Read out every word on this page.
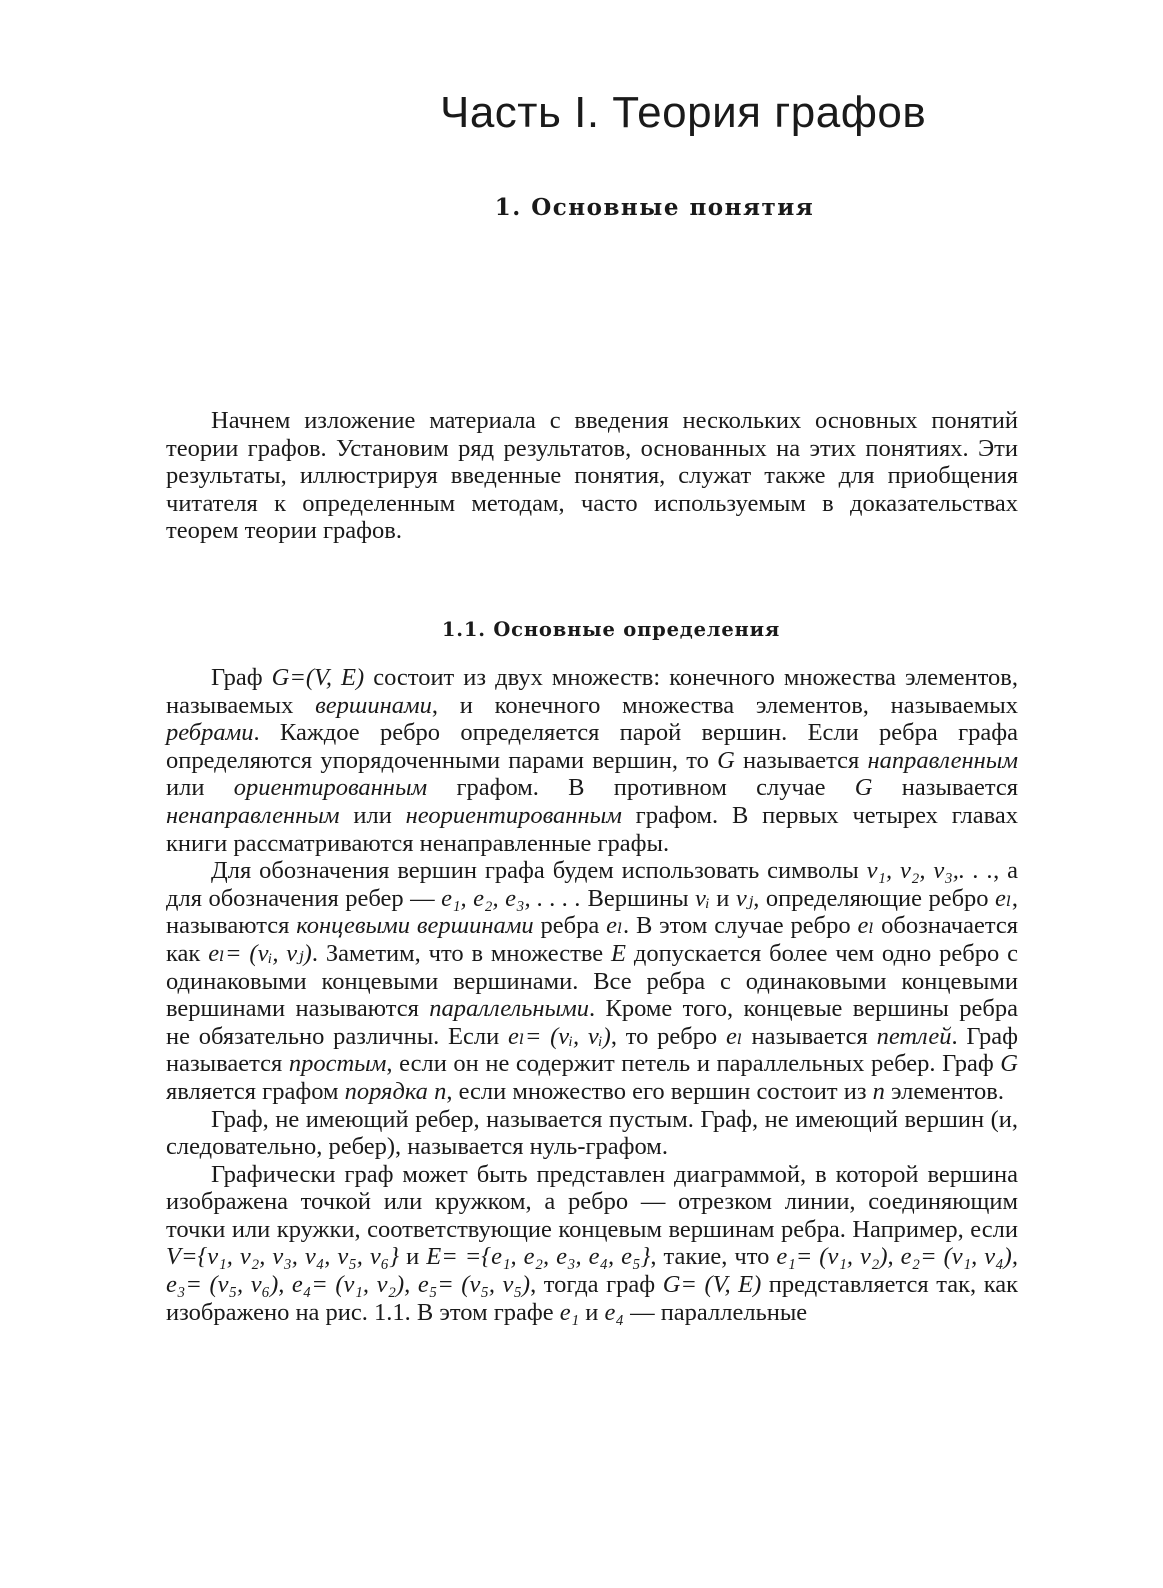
Часть I. Теория графов
1. Основные понятия

Начнем изложение материала с введения нескольких основных понятий теории графов. Установим ряд результатов, основанных на этих понятиях. Эти результаты, иллюстрируя введенные понятия, служат также для приобщения читателя к определенным методам, часто используемым в доказательствах теорем теории графов.

1.1. Основные определения

Граф G=(V, E) состоит из двух множеств: конечного множества элементов, называемых вершинами, и конечного множества элементов, называемых ребрами. Каждое ребро определяется парой вершин. Если ребра графа определяются упорядоченными парами вершин, то G называется направленным или ориентированным графом. В противном случае G называется ненаправленным или неориентированным графом. В первых четырех главах книги рассматриваются ненаправленные графы.

Для обозначения вершин графа будем использовать символы v₁, v₂, v₃,. . ., а для обозначения ребер — e₁, e₂, e₃, . . . . Вершины vᵢ и vⱼ, определяющие ребро eₗ, называются концевыми вершинами ребра eₗ. В этом случае ребро eₗ обозначается как eₗ= (vᵢ, vⱼ). Заметим, что в множестве E допускается более чем одно ребро с одинаковыми концевыми вершинами. Все ребра с одинаковыми концевыми вершинами называются параллельными. Кроме того, концевые вершины ребра не обязательно различны. Если eₗ= (vᵢ, vᵢ), то ребро eₗ называется петлей. Граф называется простым, если он не содержит петель и параллельных ребер. Граф G является графом порядка n, если множество его вершин состоит из n элементов.

Граф, не имеющий ребер, называется пустым. Граф, не имеющий вершин (и, следовательно, ребер), называется нуль-графом.

Графически граф может быть представлен диаграммой, в которой вершина изображена точкой или кружком, а ребро — отрезком линии, соединяющим точки или кружки, соответствующие концевым вершинам ребра. Например, если V={v₁, v₂, v₃, v₄, v₅, v₆} и E= ={e₁, e₂, e₃, e₄, e₅}, такие, что e₁= (v₁, v₂), e₂= (v₁, v₄), e₃= (v₅, v₆), e₄= (v₁, v₂), e₅= (v₅, v₅), тогда граф G= (V, E) представляется так, как изображено на рис. 1.1. В этом графе e₁ и e₄ — параллельные
